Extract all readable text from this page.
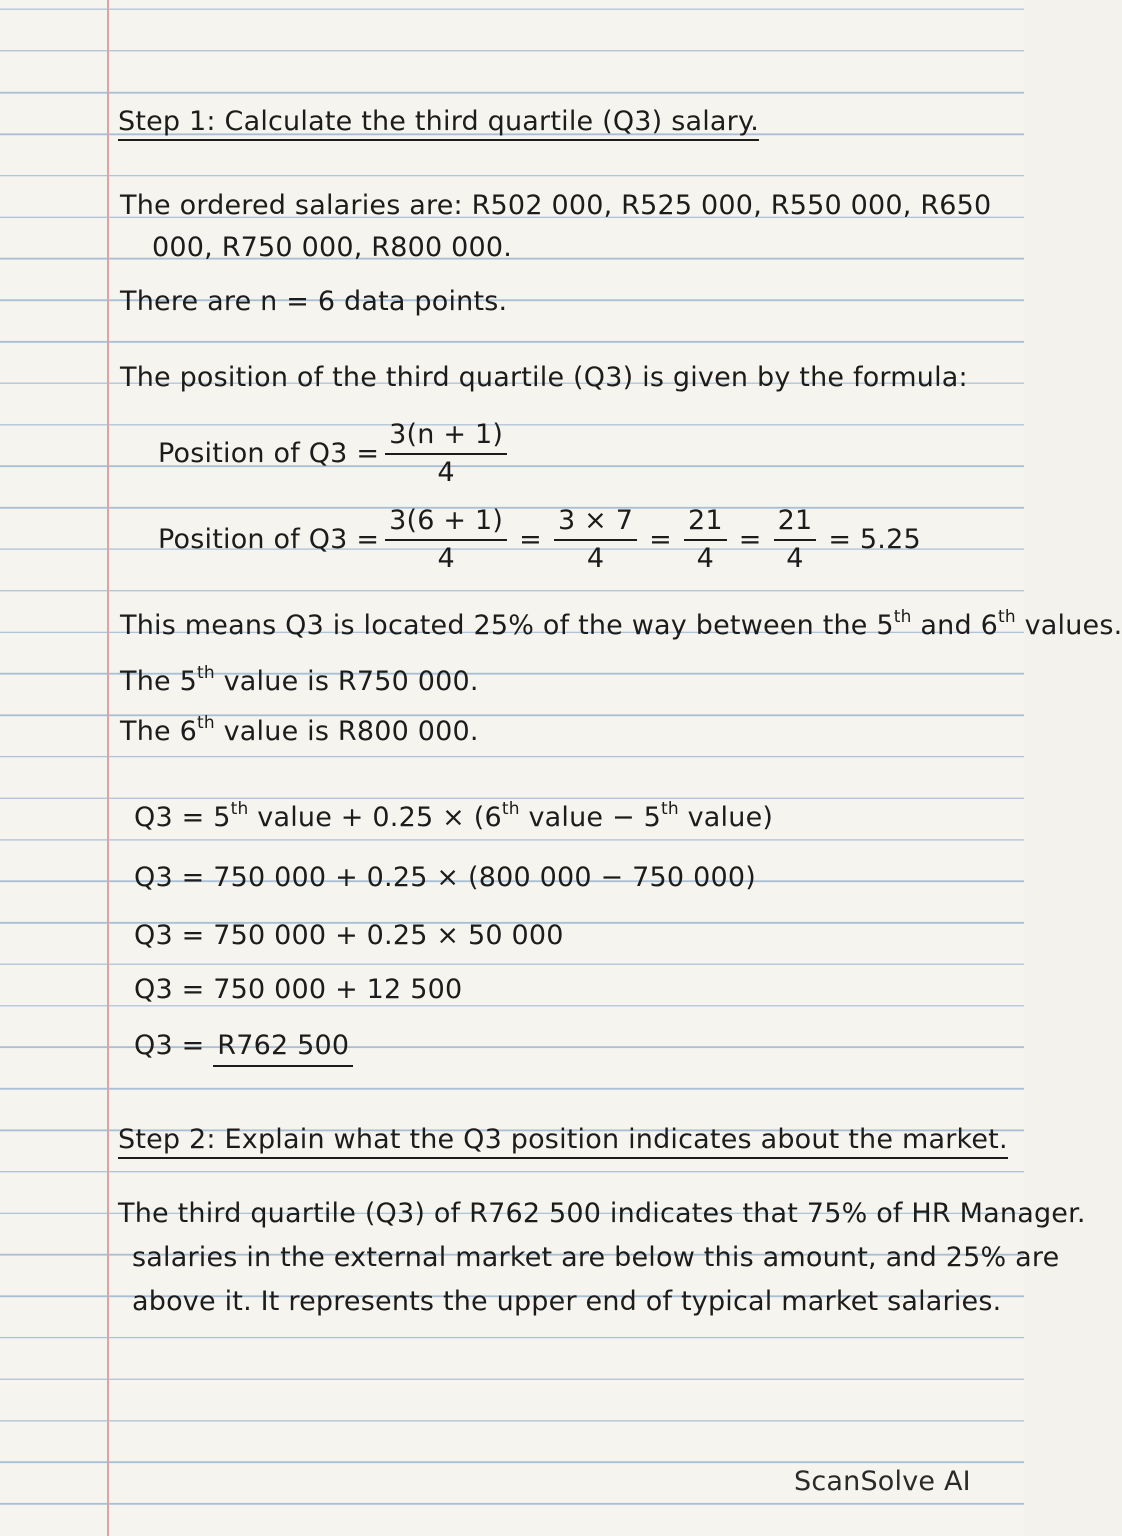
Step 1: Calculate the third quartile (Q3) salary.
The ordered salaries are: R502 000, R525 000, R550 000, R650
000, R750 000, R800 000.
There are n = 6 data points.
The position of the third quartile (Q3) is given by the formula:
Position of $Q3 = \frac{3(n + 1)}{4}$
Position of $Q3 = \frac{3(6 + 1)}{4} = \frac{3 \times 7}{4} = \frac{21}{4} = \frac{21}{4} = 5.25$
This means Q3 is located 25% of the way between the 5th and 6th values.
The 5th value is R750 000.
The 6th value is R800 000.
Q3 = 5th value + 0.25 × (6th value − 5th value)
Q3 = 750 000 + 0.25 × (800 000 − 750 000)
Q3 = 750 000 + 0.25 × 50 000
Q3 = 750 000 + 12 500
Q3 = R762 500
Step 2: Explain what the Q3 position indicates about the market.
The third quartile (Q3) of R762 500 indicates that 75% of HR Manager.
salaries in the external market are below this amount, and 25% are
above it. It represents the upper end of typical market salaries.
ScanSolve AI
